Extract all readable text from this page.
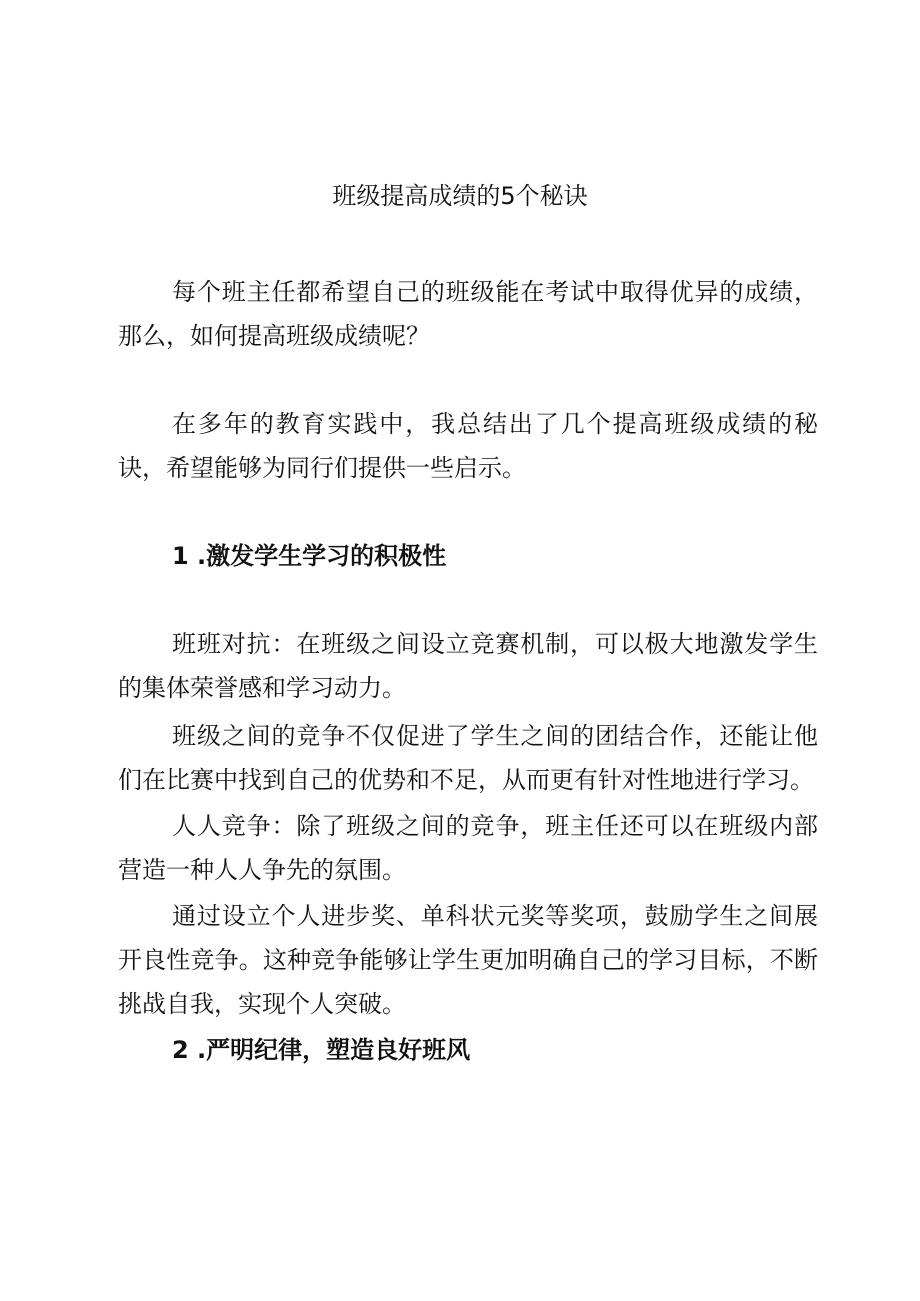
班级提高成绩的5个秘诀

每个班主任都希望自己的班级能在考试中取得优异的成绩，那么，如何提高班级成绩呢？

在多年的教育实践中，我总结出了几个提高班级成绩的秘诀，希望能够为同行们提供一些启示。

1 .激发学生学习的积极性

班班对抗：在班级之间设立竞赛机制，可以极大地激发学生的集体荣誉感和学习动力。

班级之间的竞争不仅促进了学生之间的团结合作，还能让他们在比赛中找到自己的优势和不足，从而更有针对性地进行学习。

人人竞争：除了班级之间的竞争，班主任还可以在班级内部营造一种人人争先的氛围。

通过设立个人进步奖、单科状元奖等奖项，鼓励学生之间展开良性竞争。这种竞争能够让学生更加明确自己的学习目标，不断挑战自我，实现个人突破。

2 .严明纪律，塑造良好班风
